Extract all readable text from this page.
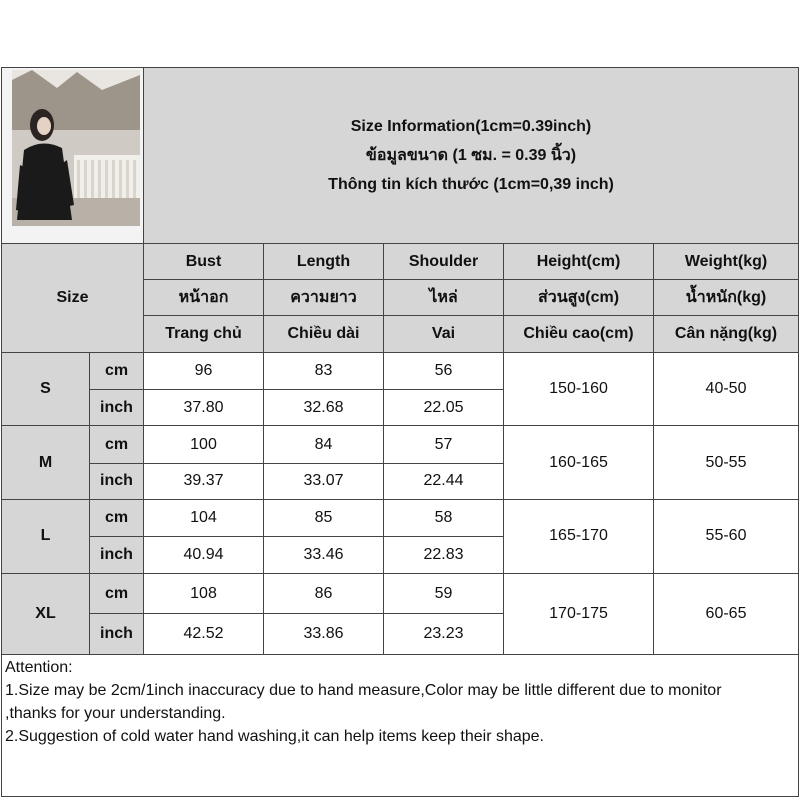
Size Information(1cm=0.39inch)
ข้อมูลขนาด (1 ซม. = 0.39 นิ้ว)
Thông tin kích thước (1cm=0,39 inch)				

Size		Bust	Length	Shoulder	Height(cm)	Weight(kg)
		หน้าอก	ความยาว	ไหล่	ส่วนสูง(cm)	น้ำหนัก(kg)
		Trang chủ	Chiều dài	Vai	Chiều cao(cm)	Cân nặng(kg)
S	cm	96	83	56	150-160	40-50
	inch	37.80	32.68	22.05		
M	cm	100	84	57	160-165	50-55
	inch	39.37	33.07	22.44		
L	cm	104	85	58	165-170	55-60
	inch	40.94	33.46	22.83		
XL	cm	108	86	59	170-175	60-65
	inch	42.52	33.86	23.23		

Attention:
1.Size may be 2cm/1inch inaccuracy due to hand measure,Color may be little different due to monitor
,thanks for your understanding.
2.Suggestion of cold water hand washing,it can help items keep their shape.						
